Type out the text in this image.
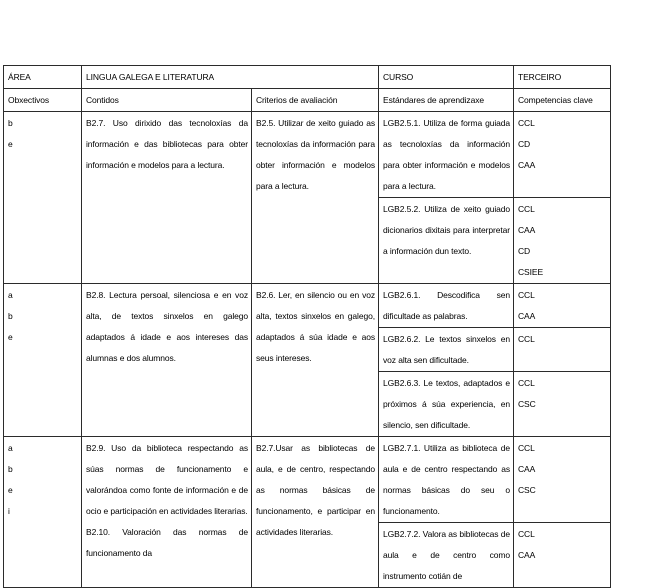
ÁREA	LINGUA GALEGA E LITERATURA		CURSO	TERCEIRO
Obxectivos	Contidos	Criterios de avaliación	Estándares de aprendizaxe	Competencias clave

b
e	B2.7. Uso dirixido das tecnoloxías da información e das bibliotecas para obter información e modelos para a lectura.	B2.5. Utilizar de xeito guiado as tecnoloxías da información para obter información e modelos para a lectura.	LGB2.5.1. Utiliza de forma guiada as tecnoloxías da información para obter información e modelos para a lectura.	CCL
CD
CAA

			LGB2.5.2. Utiliza de xeito guiado dicionarios dixitais para interpretar a información dun texto.	CCL
CAA
CD
CSIEE

a
b
e	B2.8. Lectura persoal, silenciosa e en voz alta, de textos sinxelos en galego adaptados á idade e aos intereses das alumnas e dos alumnos.	B2.6. Ler, en silencio ou en voz alta, textos sinxelos en galego, adaptados á súa idade e aos seus intereses.	LGB2.6.1. Descodifica sen dificultade as palabras.	CCL
CAA

			LGB2.6.2. Le textos sinxelos en voz alta sen dificultade.	CCL

			LGB2.6.3. Le textos, adaptados e próximos á súa experiencia, en silencio, sen dificultade.	CCL
CSC

a
b
e
i

B2.9. Uso da biblioteca respectando as súas normas de funcionamento e valorándoa como fonte de información e de ocio e participación en actividades literarias.
B2.10. Valoración das normas de funcionamento da
	B2.7.Usar as bibliotecas de aula, e de centro, respectando as normas básicas de funcionamento, e participar en actividades literarias.	LGB2.7.1. Utiliza as biblioteca de aula e de centro respectando as normas básicas do seu o funcionamento.	
CCL
CAA
CSC

			LGB2.7.2. Valora as bibliotecas de aula e de centro como instrumento cotián de	CCL
CAA
